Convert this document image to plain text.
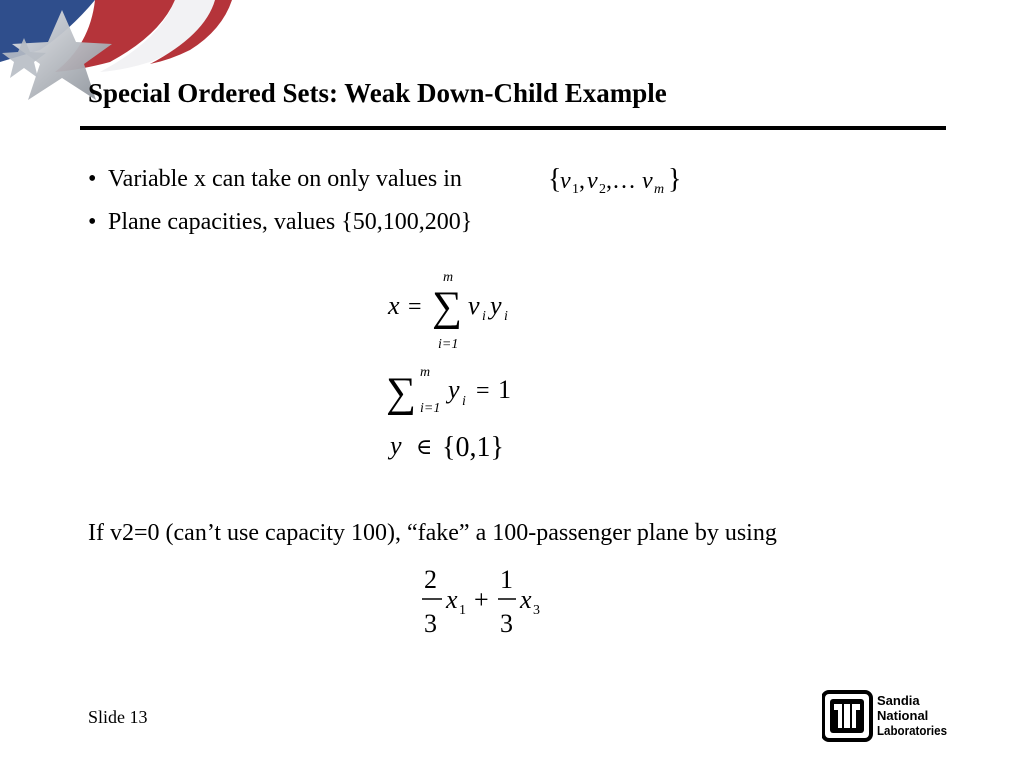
Special Ordered Sets: Weak Down-Child Example
• Variable x can take on only values in	{
v 1 , v 2 , … v m }
• Plane capacities, values {50,100,200}
x =
m
∑
i=1
v i y i
∑ m
i=1
y i = 1
y ∈ {0,1}
If v2=0 (can’t use capacity 100), “fake” a 100-passenger plane by using
2
3
x 1 +
1
3
x 3
Slide 13
Sandia
National
Laboratories
